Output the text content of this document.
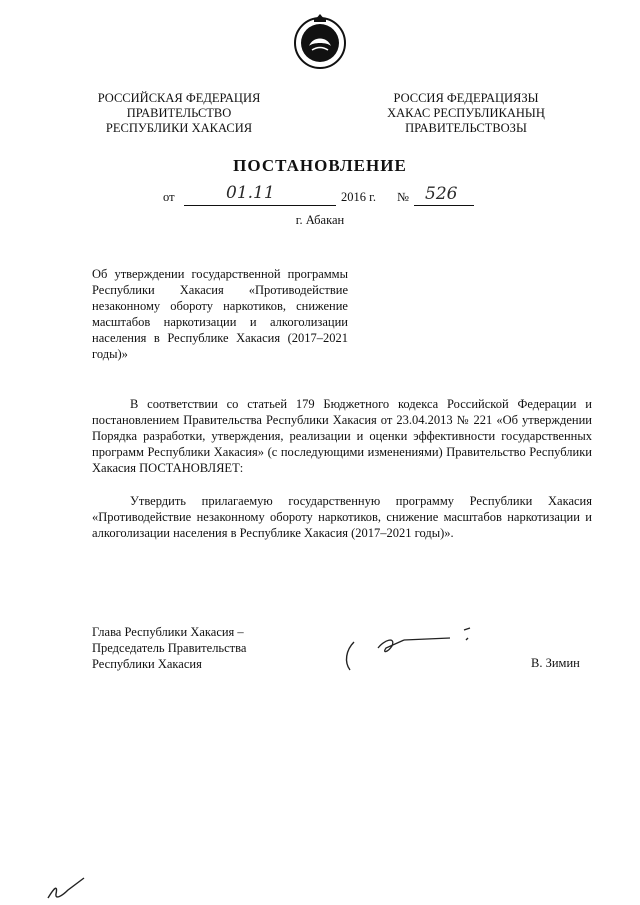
РОССИЙСКАЯ ФЕДЕРАЦИЯ
ПРАВИТЕЛЬСТВО
РЕСПУБЛИКИ ХАКАСИЯ
РОССИЯ ФЕДЕРАЦИЯЗЫ
ХАКАС РЕСПУБЛИКАНЫҢ
ПРАВИТЕЛЬСТВОЗЫ
ПОСТАНОВЛЕНИЕ
от	01.11	2016 г. № 526
г. Абакан
Об утверждении государственной программы Республики Хакасия «Противодействие незаконному обороту наркотиков, снижение масштабов наркотизации и алкоголизации населения в Республике Хакасия (2017–2021 годы)»
В соответствии со статьей 179 Бюджетного кодекса Российской Федерации и постановлением Правительства Республики Хакасия от 23.04.2013 № 221 «Об утверждении Порядка разработки, утверждения, реализации и оценки эффективности государственных программ Республики Хакасия» (с последующими изменениями) Правительство Республики Хакасия ПОСТАНОВЛЯЕТ:
Утвердить прилагаемую государственную программу Республики Хакасия «Противодействие незаконному обороту наркотиков, снижение масштабов наркотизации и алкоголизации населения в Республике Хакасия (2017–2021 годы)».
Глава Республики Хакасия –
Председатель Правительства
Республики Хакасия	В. Зимин
